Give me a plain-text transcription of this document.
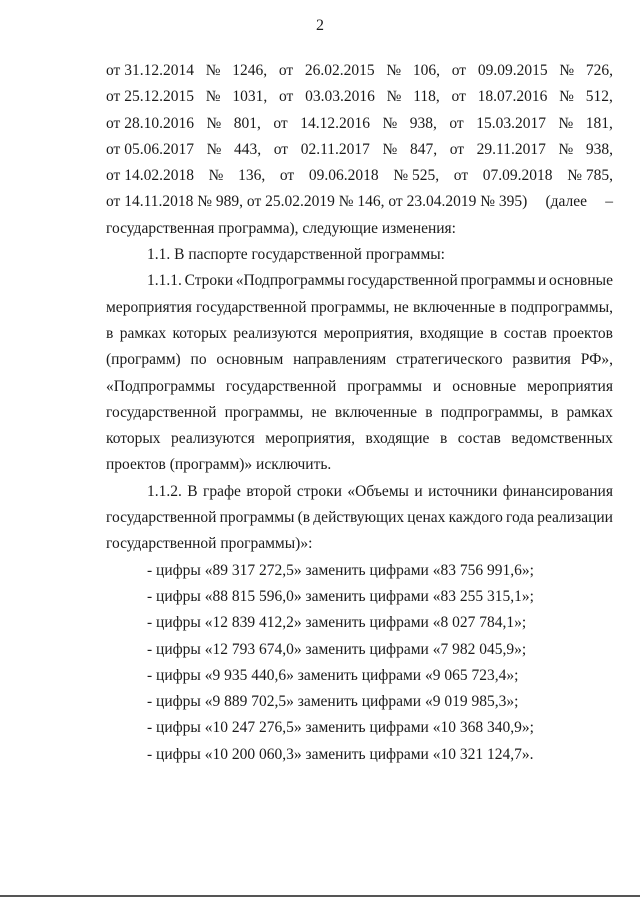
2
от 31.12.2014 № 1246, от 26.02.2015 № 106, от 09.09.2015 № 726,
от 25.12.2015 № 1031, от 03.03.2016 № 118, от 18.07.2016 № 512,
от 28.10.2016 № 801, от 14.12.2016 № 938, от 15.03.2017 № 181,
от 05.06.2017 № 443, от 02.11.2017 № 847, от 29.11.2017 № 938,
от 14.02.2018 № 136, от 09.06.2018 № 525, от 07.09.2018 № 785,
от 14.11.2018 № 989, от 25.02.2019 № 146, от 23.04.2019 № 395) (далее –
государственная программа), следующие изменения:
1.1. В паспорте государственной программы:
1.1.1. Строки «Подпрограммы государственной программы и основные
мероприятия государственной программы, не включенные в подпрограммы,
в рамках которых реализуются мероприятия, входящие в состав проектов
(программ) по основным направлениям стратегического развития РФ»,
«Подпрограммы государственной программы и основные мероприятия
государственной программы, не включенные в подпрограммы, в рамках
которых реализуются мероприятия, входящие в состав ведомственных
проектов (программ)» исключить.
1.1.2. В графе второй строки «Объемы и источники финансирования
государственной программы (в действующих ценах каждого года реализации
государственной программы)»:
- цифры «89 317 272,5» заменить цифрами «83 756 991,6»;
- цифры «88 815 596,0» заменить цифрами «83 255 315,1»;
- цифры «12 839 412,2» заменить цифрами «8 027 784,1»;
- цифры «12 793 674,0» заменить цифрами «7 982 045,9»;
- цифры «9 935 440,6» заменить цифрами «9 065 723,4»;
- цифры «9 889 702,5» заменить цифрами «9 019 985,3»;
- цифры «10 247 276,5» заменить цифрами «10 368 340,9»;
- цифры «10 200 060,3» заменить цифрами «10 321 124,7».
